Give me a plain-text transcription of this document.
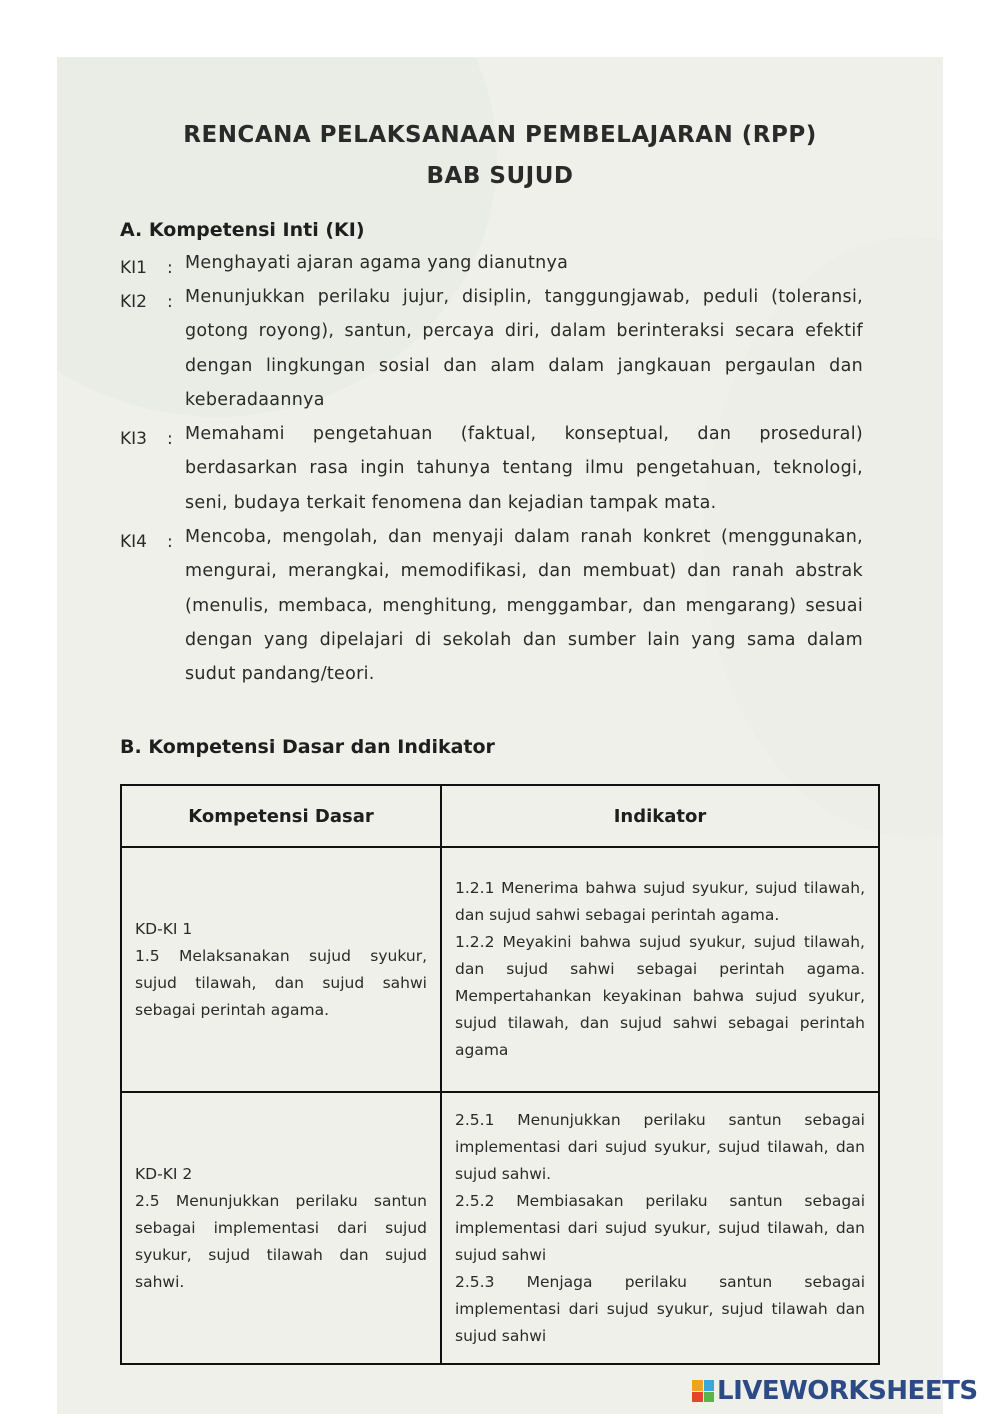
RENCANA PELAKSANAAN PEMBELAJARAN (RPP)
BAB SUJUD
A. Kompetensi Inti (KI)
KI1 : Menghayati ajaran agama yang dianutnya
KI2 : Menunjukkan perilaku jujur, disiplin, tanggungjawab, peduli (toleransi, gotong royong), santun, percaya diri, dalam berinteraksi secara efektif dengan lingkungan sosial dan alam dalam jangkauan pergaulan dan keberadaannya
KI3 : Memahami pengetahuan (faktual, konseptual, dan prosedural) berdasarkan rasa ingin tahunya tentang ilmu pengetahuan, teknologi, seni, budaya terkait fenomena dan kejadian tampak mata.
KI4 : Mencoba, mengolah, dan menyaji dalam ranah konkret (menggunakan, mengurai, merangkai, memodifikasi, dan membuat) dan ranah abstrak (menulis, membaca, menghitung, menggambar, dan mengarang) sesuai dengan yang dipelajari di sekolah dan sumber lain yang sama dalam sudut pandang/teori.
B. Kompetensi Dasar dan Indikator
Kompetensi Dasar	Indikator

KD-KI 1
1.5 Melaksanakan sujud syukur, sujud tilawah, dan sujud sahwi sebagai perintah agama.	1.2.1 Menerima bahwa sujud syukur, sujud tilawah, dan sujud sahwi sebagai perintah agama.
1.2.2 Meyakini bahwa sujud syukur, sujud tilawah, dan sujud sahwi sebagai perintah agama. Mempertahankan keyakinan bahwa sujud syukur, sujud tilawah, dan sujud sahwi sebagai perintah agama

KD-KI 2
2.5 Menunjukkan perilaku santun sebagai implementasi dari sujud syukur, sujud tilawah dan sujud sahwi.	2.5.1 Menunjukkan perilaku santun sebagai implementasi dari sujud syukur, sujud tilawah, dan sujud sahwi.
2.5.2 Membiasakan perilaku santun sebagai implementasi dari sujud syukur, sujud tilawah, dan sujud sahwi
2.5.3 Menjaga perilaku santun sebagai implementasi dari sujud syukur, sujud tilawah dan sujud sahwi
LIVEWORKSHEETS
